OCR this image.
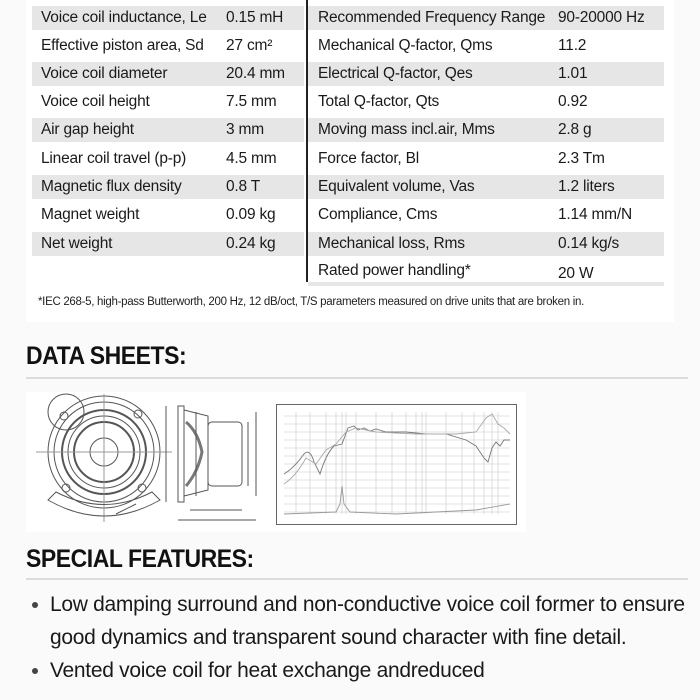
Voice coil inductance, Le 0.15 mH
Effective piston area, Sd 27 cm²
Voice coil diameter	20.4 mm
Voice coil height	7.5 mm
Air gap height	3 mm
Linear coil travel (p-p)	4.5 mm
Magnetic flux density	0.8 T
Magnet weight	0.09 kg
Net weight	0.24 kg
Recommended Frequency Range 90-20000 Hz
Mechanical Q-factor, Qms	11.2
Electrical Q-factor, Qes	1.01
Total Q-factor, Qts	0.92
Moving mass incl.air, Mms	2.8 g
Force factor, Bl	2.3 Tm
Equivalent volume, Vas	1.2 liters
Compliance, Cms	1.14 mm/N
Mechanical loss, Rms	0.14 kg/s
Rated power handling*	20 W
*IEC 268-5, high-pass Butterworth, 200 Hz, 12 dB/oct, T/S parameters measured on drive units that are broken in.
DATA SHEETS:
SPECIAL FEATURES:
Low damping surround and non-conductive voice coil former to ensure good dynamics and transparent sound character with fine detail.
Vented voice coil for heat exchange andreduced
